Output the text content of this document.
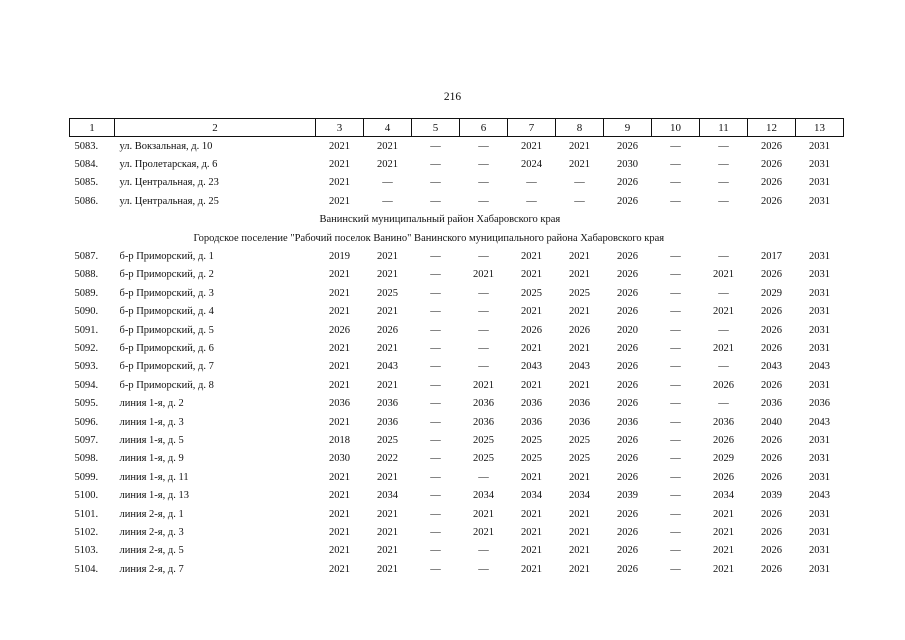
216
1	2	3	4	5	6	7	8	9	10	11	12	13
5083.	ул. Вокзальная, д. 10	2021	2021	—	—	2021	2021	2026	—	—	2026	2031
5084.	ул. Пролетарская, д. 6	2021	2021	—	—	2024	2021	2030	—	—	2026	2031
5085.	ул. Центральная, д. 23	2021	—	—	—	—	—	2026	—	—	2026	2031
5086.	ул. Центральная, д. 25	2021	—	—	—	—	—	2026	—	—	2026	2031
Ванинский муниципальный район Хабаровского края												
Городское поселение "Рабочий поселок Ванино" Ванинского муниципального района Хабаровского края												
5087.	б-р Приморский, д. 1	2019	2021	—	—	2021	2021	2026	—	—	2017	2031
5088.	б-р Приморский, д. 2	2021	2021	—	2021	2021	2021	2026	—	2021	2026	2031
5089.	б-р Приморский, д. 3	2021	2025	—	—	2025	2025	2026	—	—	2029	2031
5090.	б-р Приморский, д. 4	2021	2021	—	—	2021	2021	2026	—	2021	2026	2031
5091.	б-р Приморский, д. 5	2026	2026	—	—	2026	2026	2020	—	—	2026	2031
5092.	б-р Приморский, д. 6	2021	2021	—	—	2021	2021	2026	—	2021	2026	2031
5093.	б-р Приморский, д. 7	2021	2043	—	—	2043	2043	2026	—	—	2043	2043
5094.	б-р Приморский, д. 8	2021	2021	—	2021	2021	2021	2026	—	2026	2026	2031
5095.	линия 1-я, д. 2	2036	2036	—	2036	2036	2036	2026	—	—	2036	2036
5096.	линия 1-я, д. 3	2021	2036	—	2036	2036	2036	2036	—	2036	2040	2043
5097.	линия 1-я, д. 5	2018	2025	—	2025	2025	2025	2026	—	2026	2026	2031
5098.	линия 1-я, д. 9	2030	2022	—	2025	2025	2025	2026	—	2029	2026	2031
5099.	линия 1-я, д. 11	2021	2021	—	—	2021	2021	2026	—	2026	2026	2031
5100.	линия 1-я, д. 13	2021	2034	—	2034	2034	2034	2039	—	2034	2039	2043
5101.	линия 2-я, д. 1	2021	2021	—	2021	2021	2021	2026	—	2021	2026	2031
5102.	линия 2-я, д. 3	2021	2021	—	2021	2021	2021	2026	—	2021	2026	2031
5103.	линия 2-я, д. 5	2021	2021	—	—	2021	2021	2026	—	2021	2026	2031
5104.	линия 2-я, д. 7	2021	2021	—	—	2021	2021	2026	—	2021	2026	2031
